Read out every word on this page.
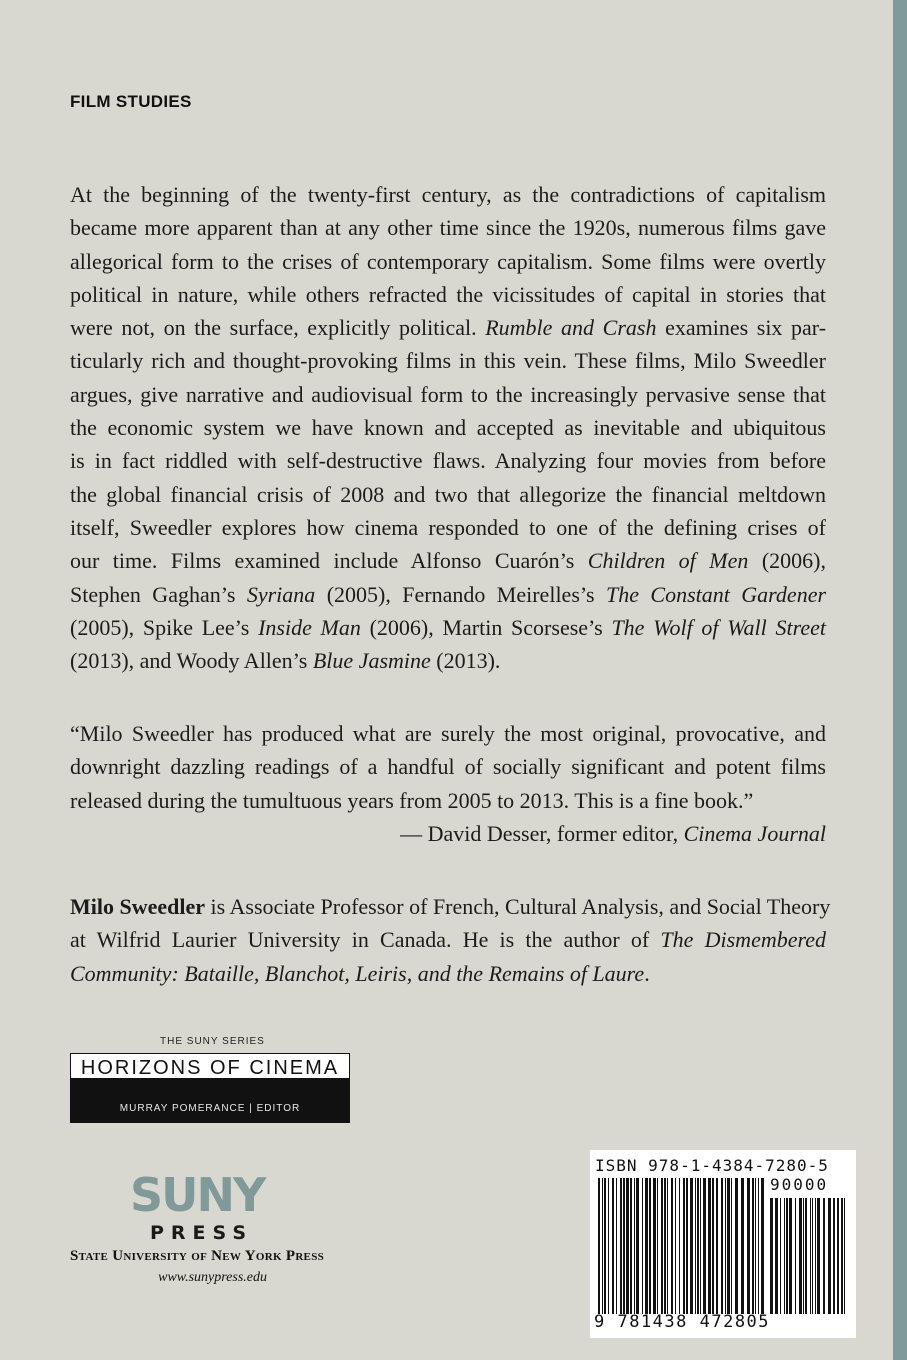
FILM STUDIES
At the beginning of the twenty-first century, as the contradictions of capitalism
became more apparent than at any other time since the 1920s, numerous films gave
allegorical form to the crises of contemporary capitalism. Some films were overtly
political in nature, while others refracted the vicissitudes of capital in stories that
were not, on the surface, explicitly political. Rumble and Crash examines six par-
ticularly rich and thought-provoking films in this vein. These films, Milo Sweedler
argues, give narrative and audiovisual form to the increasingly pervasive sense that
the economic system we have known and accepted as inevitable and ubiquitous
is in fact riddled with self-destructive flaws. Analyzing four movies from before
the global financial crisis of 2008 and two that allegorize the financial meltdown
itself, Sweedler explores how cinema responded to one of the defining crises of
our time. Films examined include Alfonso Cuarón’s Children of Men (2006),
Stephen Gaghan’s Syriana (2005), Fernando Meirelles’s The Constant Gardener
(2005), Spike Lee’s Inside Man (2006), Martin Scorsese’s The Wolf of Wall Street
(2013), and Woody Allen’s Blue Jasmine (2013).
“Milo Sweedler has produced what are surely the most original, provocative, and
downright dazzling readings of a handful of socially significant and potent films
released during the tumultuous years from 2005 to 2013. This is a fine book.”
— David Desser, former editor, Cinema Journal
Milo Sweedler is Associate Professor of French, Cultural Analysis, and Social Theory
at Wilfrid Laurier University in Canada. He is the author of The Dismembered
Community: Bataille, Blanchot, Leiris, and the Remains of Laure.
THE SUNY SERIES
HORIZONS OF CINEMA
MURRAY POMERANCE | EDITOR
SUNY
PRESS
State University of New York Press
www.sunypress.edu
ISBN 978-1-4384-7280-5
90000
9 781438 472805
